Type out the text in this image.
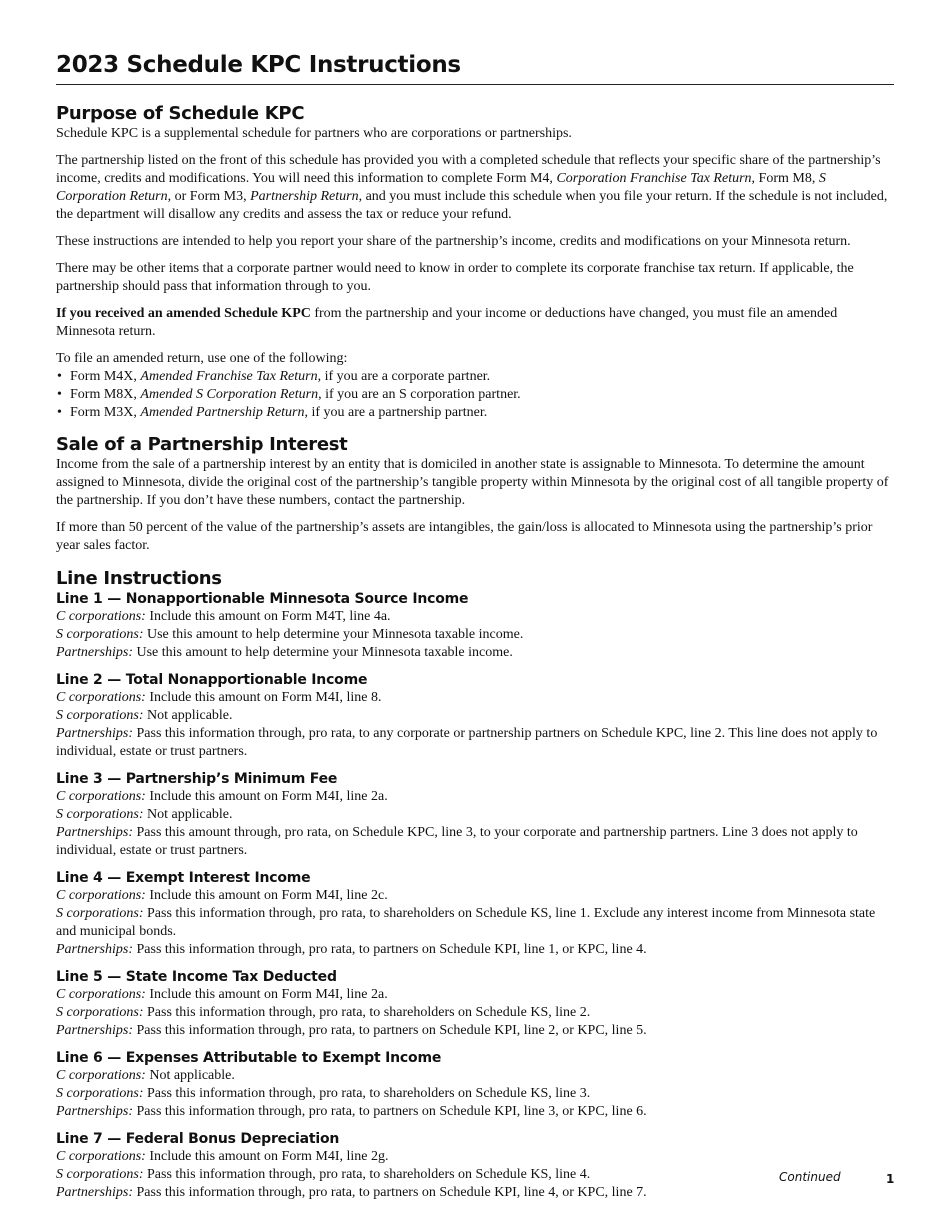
2023 Schedule KPC Instructions
Purpose of Schedule KPC

Schedule KPC is a supplemental schedule for partners who are corporations or partnerships.

The partnership listed on the front of this schedule has provided you with a completed schedule that reflects your specific share of the partnership’s income, credits and modifications. You will need this information to complete Form M4, Corporation Franchise Tax Return, Form M8, S Corporation Return, or Form M3, Partnership Return, and you must include this schedule when you file your return. If the schedule is not included, the department will disallow any credits and assess the tax or reduce your refund.

These instructions are intended to help you report your share of the partnership’s income, credits and modifications on your Minnesota return.

There may be other items that a corporate partner would need to know in order to complete its corporate franchise tax return. If applicable, the partnership should pass that information through to you.

If you received an amended Schedule KPC from the partnership and your income or deductions have changed, you must file an amended Minnesota return.

To file an amended return, use one of the following:

• Form M4X, Amended Franchise Tax Return, if you are a corporate partner.
• Form M8X, Amended S Corporation Return, if you are an S corporation partner.
• Form M3X, Amended Partnership Return, if you are a partnership partner.
Sale of a Partnership Interest

Income from the sale of a partnership interest by an entity that is domiciled in another state is assignable to Minnesota. To determine the amount assigned to Minnesota, divide the original cost of the partnership’s tangible property within Minnesota by the original cost of all tangible property of the partnership. If you don’t have these numbers, contact the partnership.

If more than 50 percent of the value of the partnership’s assets are intangibles, the gain/loss is allocated to Minnesota using the partnership’s prior year sales factor.

Line Instructions
Line 1 — Nonapportionable Minnesota Source Income
C corporations: Include this amount on Form M4T, line 4a.
S corporations: Use this amount to help determine your Minnesota taxable income.
Partnerships: Use this amount to help determine your Minnesota taxable income.
Line 2 — Total Nonapportionable Income
C corporations: Include this amount on Form M4I, line 8.
S corporations: Not applicable.
Partnerships: Pass this information through, pro rata, to any corporate or partnership partners on Schedule KPC, line 2. This line does not apply to individual, estate or trust partners.
Line 3 — Partnership’s Minimum Fee
C corporations: Include this amount on Form M4I, line 2a.
S corporations: Not applicable.
Partnerships: Pass this amount through, pro rata, on Schedule KPC, line 3, to your corporate and partnership partners. Line 3 does not apply to individual, estate or trust partners.
Line 4 — Exempt Interest Income
C corporations: Include this amount on Form M4I, line 2c.
S corporations: Pass this information through, pro rata, to shareholders on Schedule KS, line 1. Exclude any interest income from Minnesota state and municipal bonds.
Partnerships: Pass this information through, pro rata, to partners on Schedule KPI, line 1, or KPC, line 4.
Line 5 — State Income Tax Deducted
C corporations: Include this amount on Form M4I, line 2a.
S corporations: Pass this information through, pro rata, to shareholders on Schedule KS, line 2.
Partnerships: Pass this information through, pro rata, to partners on Schedule KPI, line 2, or KPC, line 5.
Line 6 — Expenses Attributable to Exempt Income
C corporations: Not applicable.
S corporations: Pass this information through, pro rata, to shareholders on Schedule KS, line 3.
Partnerships: Pass this information through, pro rata, to partners on Schedule KPI, line 3, or KPC, line 6.
Line 7 — Federal Bonus Depreciation
C corporations: Include this amount on Form M4I, line 2g.
S corporations: Pass this information through, pro rata, to shareholders on Schedule KS, line 4.
Partnerships: Pass this information through, pro rata, to partners on Schedule KPI, line 4, or KPC, line 7.
Continued	1
